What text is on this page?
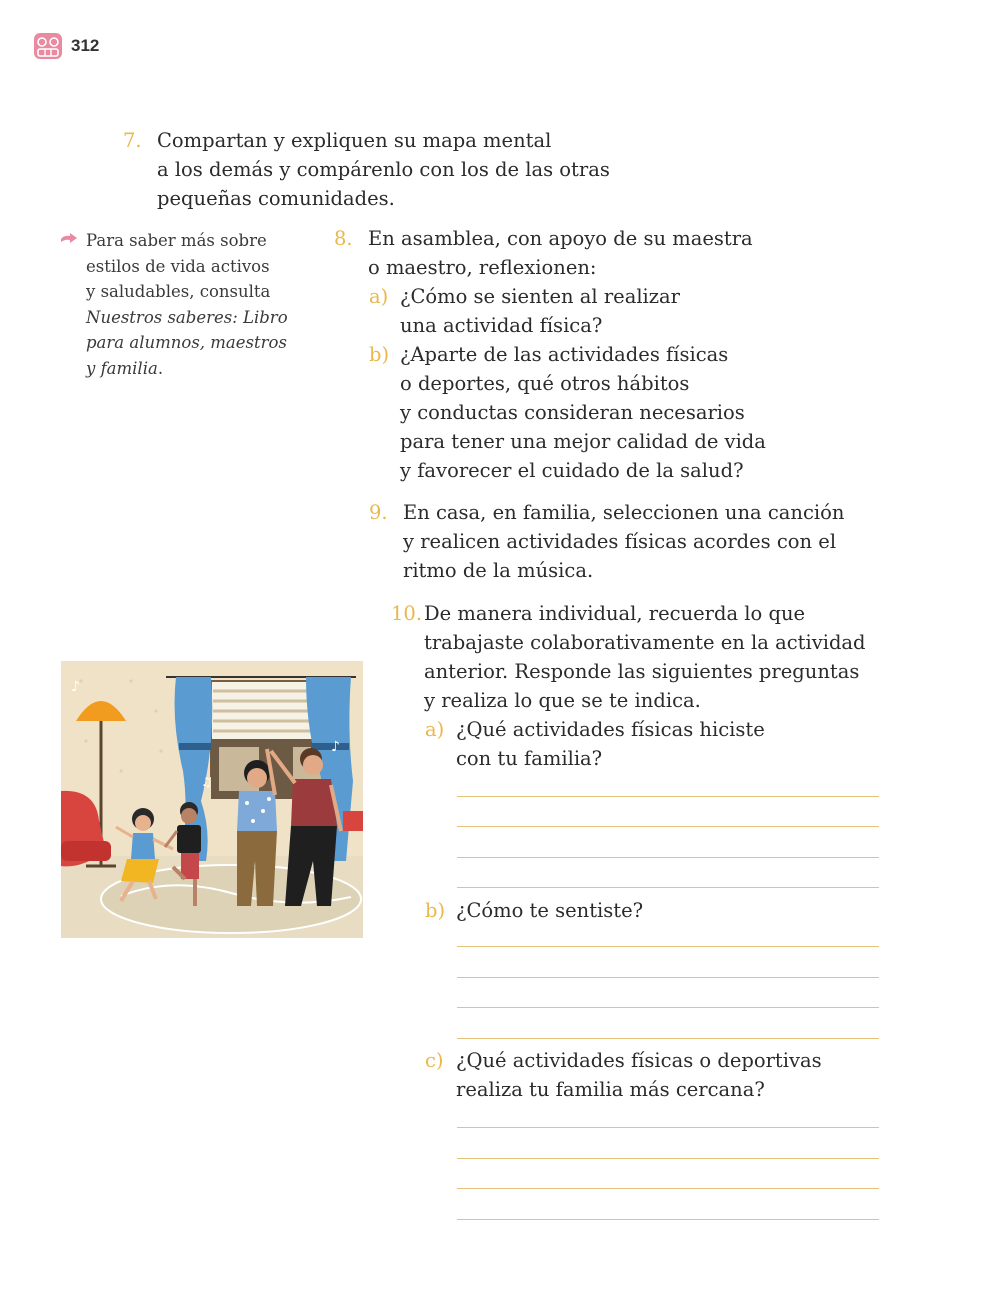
312
7. Compartan y expliquen su mapa mental
a los demás y compárenlo con los de las otras
pequeñas comunidades.
Para saber más sobre
estilos de vida activos
y saludables, consulta
Nuestros saberes: Libro
para alumnos, maestros
y familia.
8. En asamblea, con apoyo de su maestra
o maestro, reflexionen:
a) ¿Cómo se sienten al realizar
una actividad física?
b) ¿Aparte de las actividades físicas
o deportes, qué otros hábitos
y conductas consideran necesarios
para tener una mejor calidad de vida
y favorecer el cuidado de la salud?
9. En casa, en familia, seleccionen una canción
y realicen actividades físicas acordes con el
ritmo de la música.
10. De manera individual, recuerda lo que
trabajaste colaborativamente en la actividad
anterior. Responde las siguientes preguntas
y realiza lo que se te indica.
a) ¿Qué actividades físicas hiciste
con tu familia?
b) ¿Cómo te sentiste?
c) ¿Qué actividades físicas o deportivas
realiza tu familia más cercana?
♪
♪
♫
